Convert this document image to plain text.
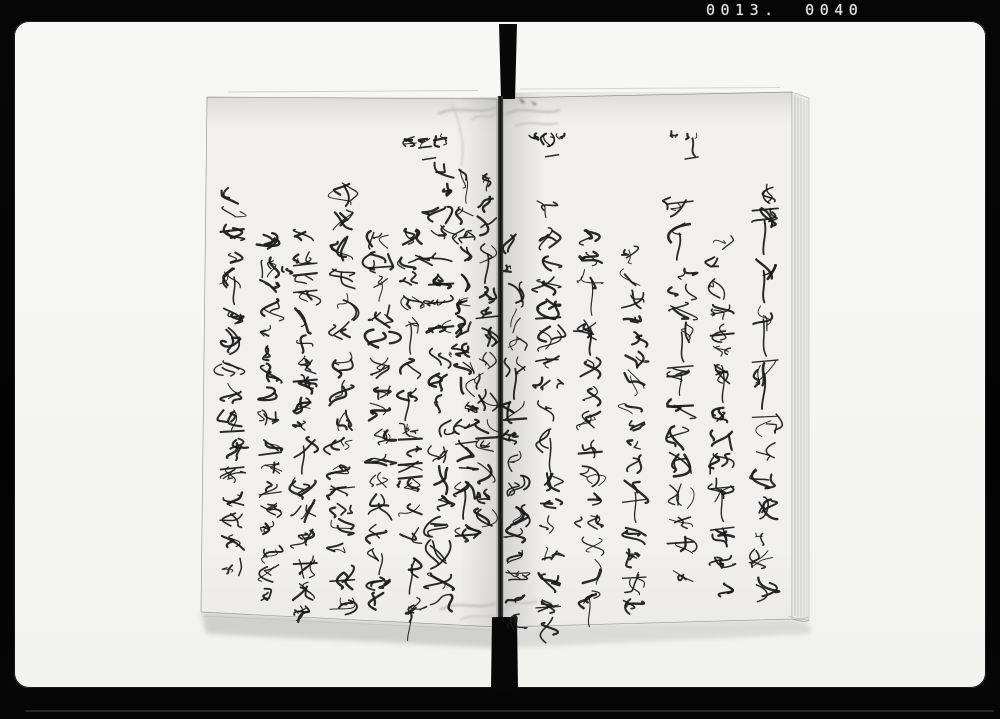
0013. 0040
